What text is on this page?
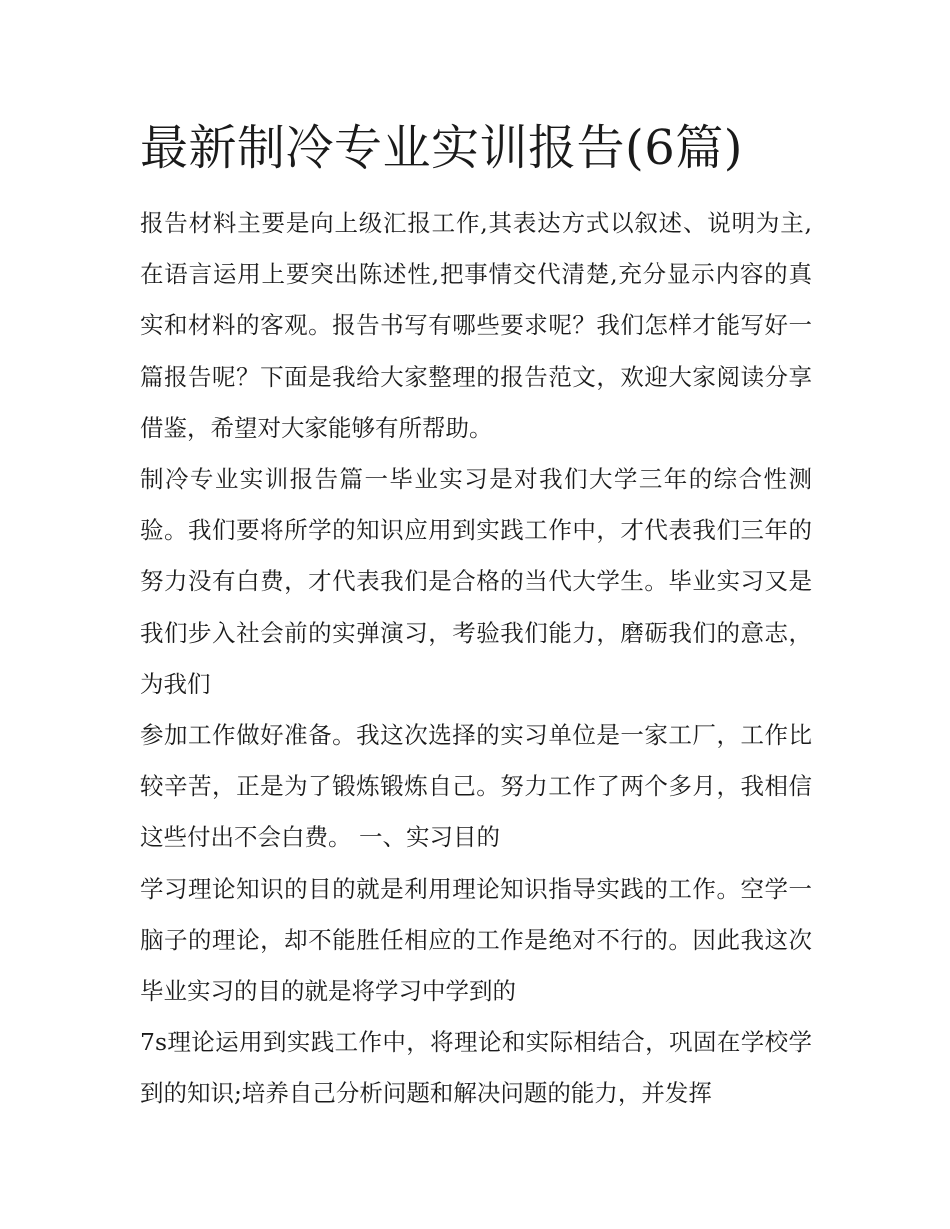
最新制冷专业实训报告(6篇)

报告材料主要是向上级汇报工作,其表达方式以叙述、说明为主,在语言运用上要突出陈述性,把事情交代清楚,充分显示内容的真实和材料的客观。报告书写有哪些要求呢？我们怎样才能写好一篇报告呢？下面是我给大家整理的报告范文，欢迎大家阅读分享借鉴，希望对大家能够有所帮助。

制冷专业实训报告篇一毕业实习是对我们大学三年的综合性测验。我们要将所学的知识应用到实践工作中，才代表我们三年的努力没有白费，才代表我们是合格的当代大学生。毕业实习又是我们步入社会前的实弹演习，考验我们能力，磨砺我们的意志，为我们

参加工作做好准备。我这次选择的实习单位是一家工厂，工作比较辛苦，正是为了锻炼锻炼自己。努力工作了两个多月，我相信这些付出不会白费。 一、实习目的

学习理论知识的目的就是利用理论知识指导实践的工作。空学一脑子的理论，却不能胜任相应的工作是绝对不行的。因此我这次毕业实习的目的就是将学习中学到的

7s理论运用到实践工作中，将理论和实际相结合，巩固在学校学到的知识;培养自己分析问题和解决问题的能力，并发挥
